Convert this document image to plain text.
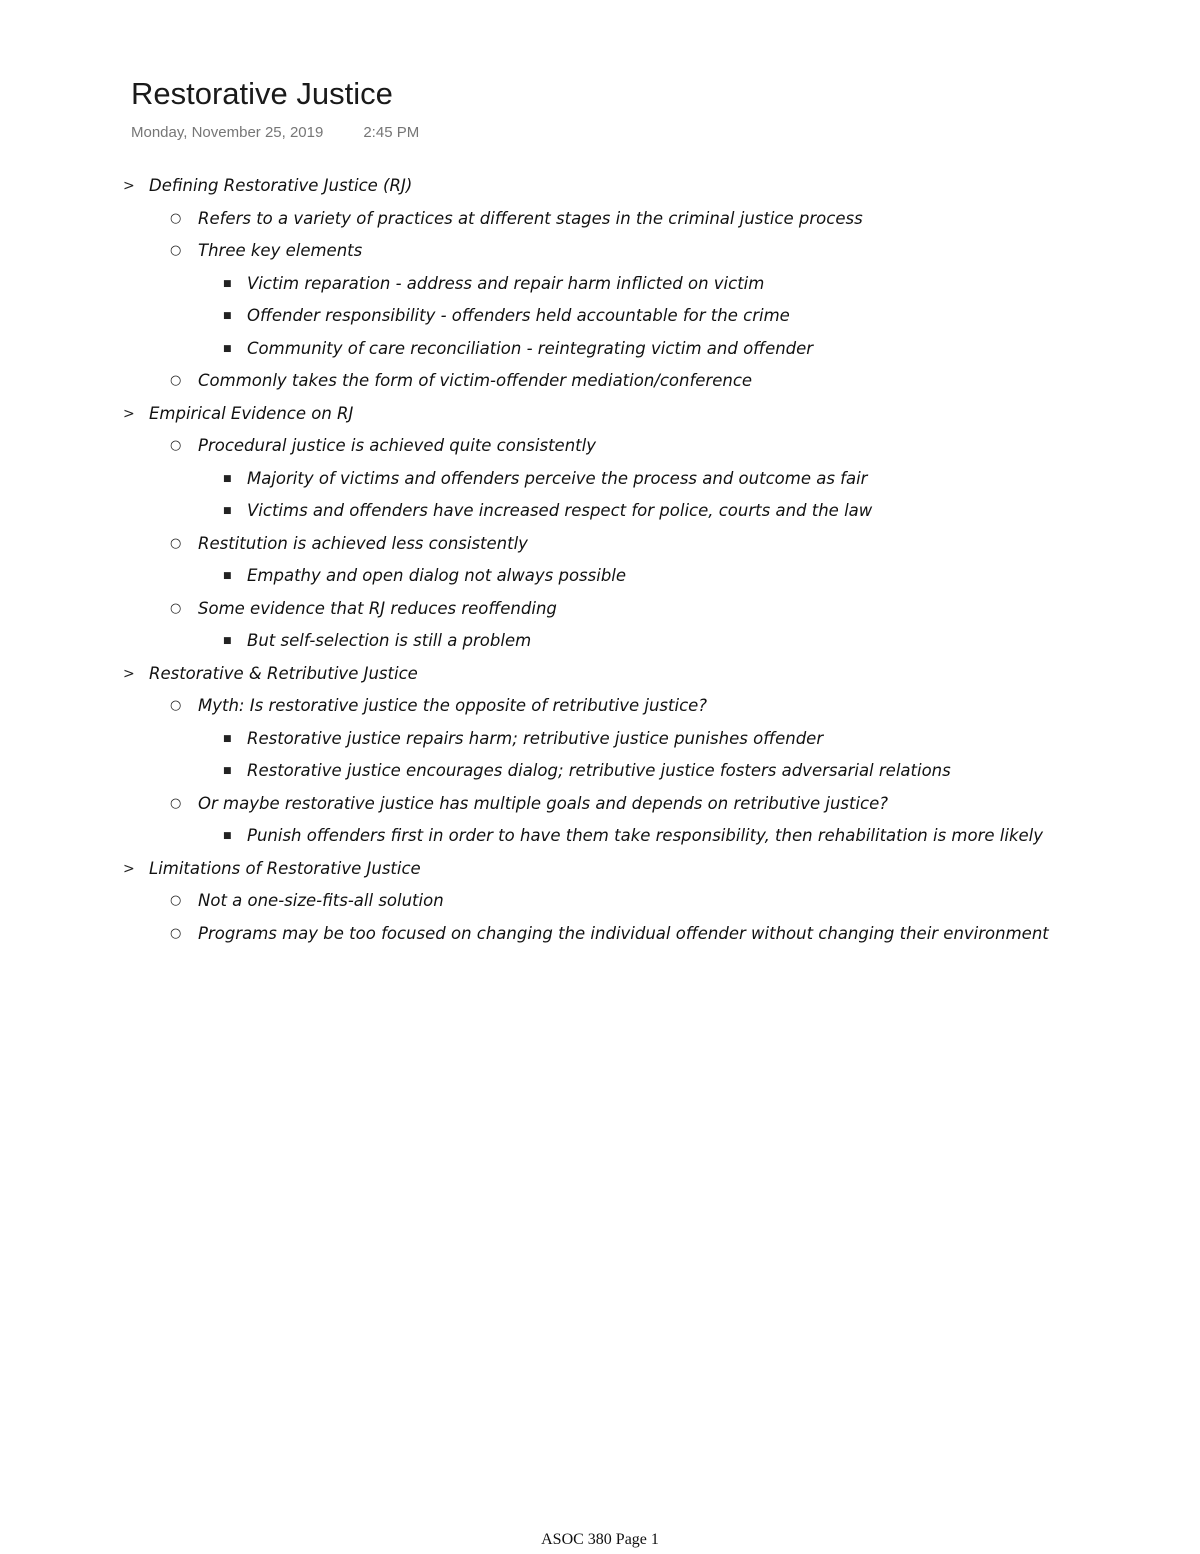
Restorative Justice
Monday, November 25, 2019	2:45 PM
> Defining Restorative Justice (RJ)
○ Refers to a variety of practices at different stages in the criminal justice process
○ Three key elements
■ Victim reparation - address and repair harm inflicted on victim
■ Offender responsibility - offenders held accountable for the crime
■ Community of care reconciliation - reintegrating victim and offender
○ Commonly takes the form of victim-offender mediation/conference
> Empirical Evidence on RJ
○ Procedural justice is achieved quite consistently
■ Majority of victims and offenders perceive the process and outcome as fair
■ Victims and offenders have increased respect for police, courts and the law
○ Restitution is achieved less consistently
■ Empathy and open dialog not always possible
○ Some evidence that RJ reduces reoffending
■ But self-selection is still a problem
> Restorative & Retributive Justice
○ Myth: Is restorative justice the opposite of retributive justice?
■ Restorative justice repairs harm; retributive justice punishes offender
■ Restorative justice encourages dialog; retributive justice fosters adversarial relations
○ Or maybe restorative justice has multiple goals and depends on retributive justice?
■ Punish offenders first in order to have them take responsibility, then rehabilitation is more likely
> Limitations of Restorative Justice
○ Not a one-size-fits-all solution
○ Programs may be too focused on changing the individual offender without changing their environment
ASOC 380 Page 1
